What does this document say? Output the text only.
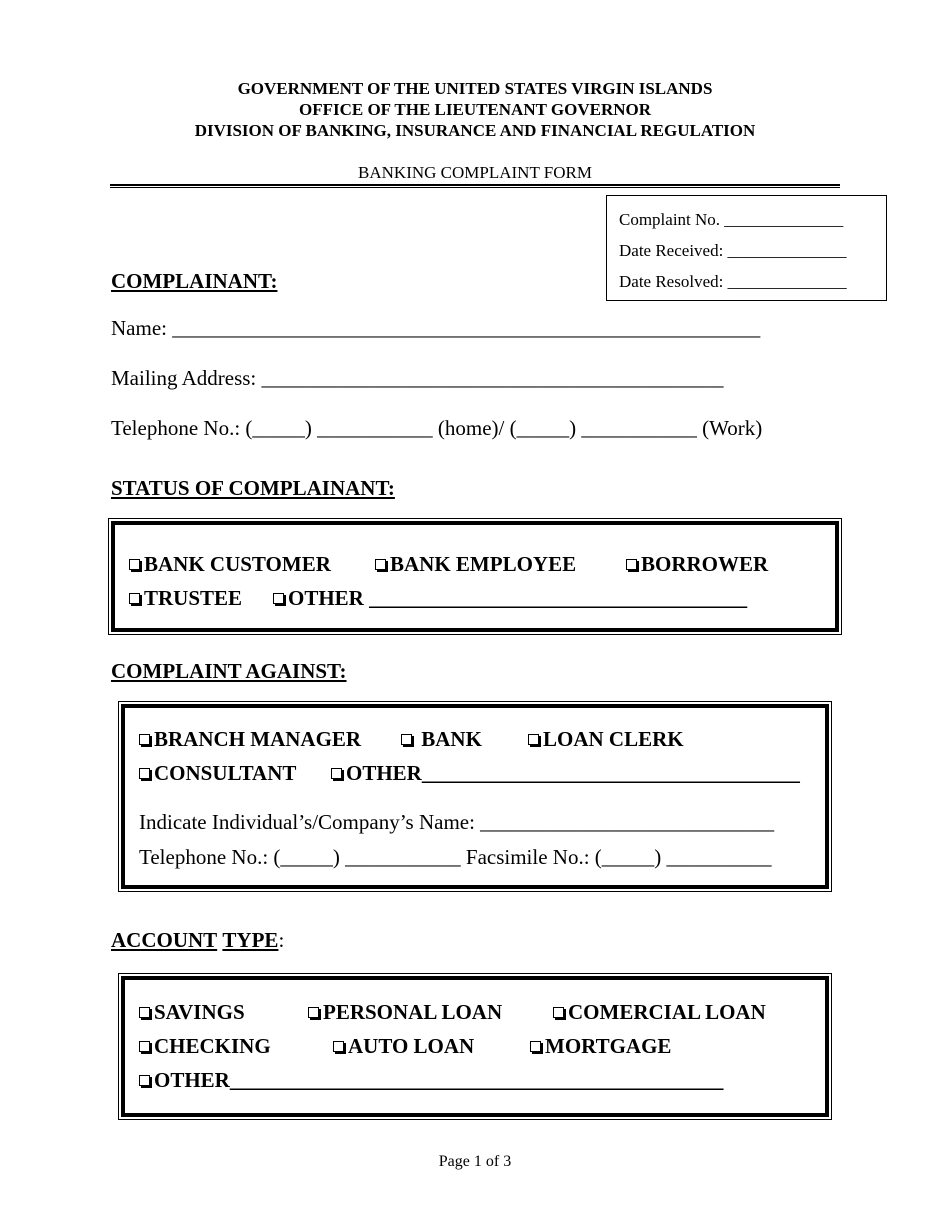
GOVERNMENT OF THE UNITED STATES VIRGIN ISLANDS
OFFICE OF THE LIEUTENANT GOVERNOR
DIVISION OF BANKING, INSURANCE AND FINANCIAL REGULATION
BANKING COMPLAINT FORM
Complaint No. ______________
Date Received: ______________
Date Resolved: ______________
COMPLAINANT:
Name: ________________________________________________________
Mailing Address: ____________________________________________
Telephone No.: (_____) ___________ (home)/ (_____) ___________ (Work)
STATUS OF COMPLAINANT:
BANK CUSTOMER	BANK EMPLOYEE	BORROWER
TRUSTEE	OTHER ____________________________________
COMPLAINT AGAINST:
BRANCH MANAGER	BANK	LOAN CLERK
CONSULTANT	OTHER____________________________________
Indicate Individual’s/Company’s Name: ____________________________
Telephone No.: (_____) ___________ Facsimile No.: (_____) __________
ACCOUNT TYPE:
SAVINGS	PERSONAL LOAN	COMERCIAL LOAN
CHECKING	AUTO LOAN	MORTGAGE
OTHER_______________________________________________
Page 1 of 3
